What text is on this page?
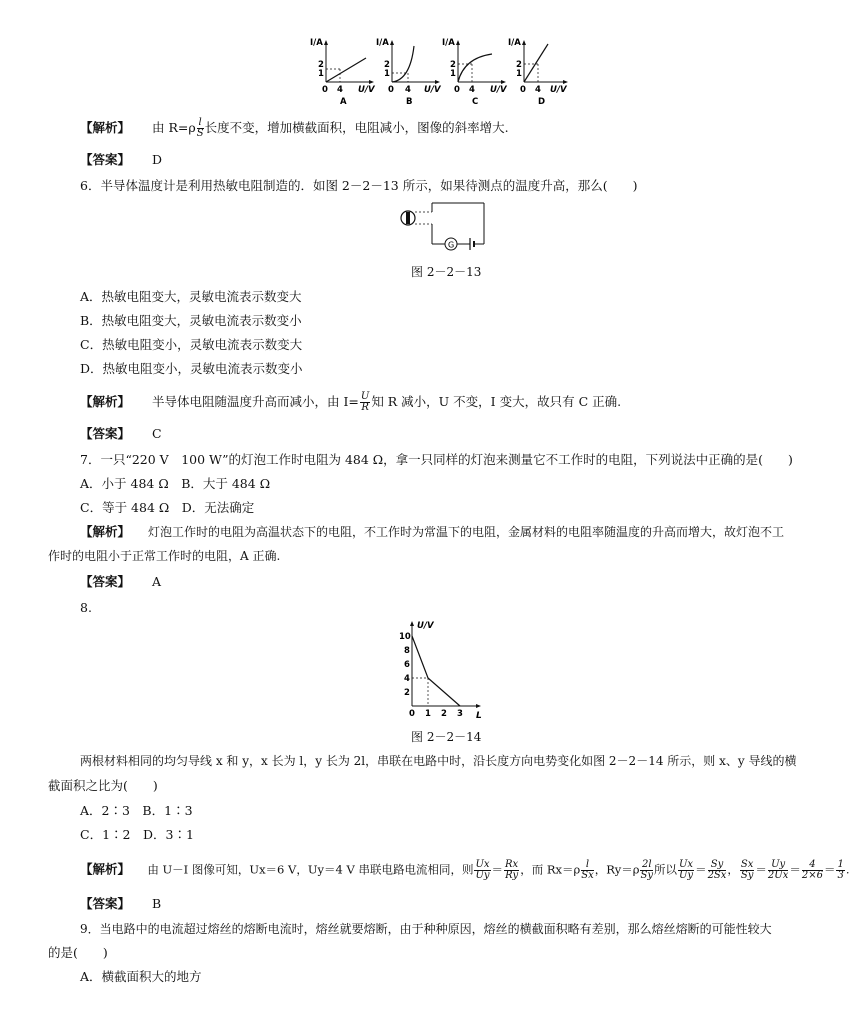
I/A
2
1
0 4 U/V
A
I/A
2
1
0 4 U/V
B
I/A
2
1
0 4 U/V
C
I/A
2
1
0 4 U/V
D
【解析】 由 $R=\rho \frac{l}{S}$ 长度不变，增加横截面积，电阻减小，图像的斜率增大.
【答案】 D
6．半导体温度计是利用热敏电阻制造的．如图 2－2－13 所示，如果待测点的温度升高，那么(　　)
G
图 2－2－13
A．热敏电阻变大，灵敏电流表示数变大
B．热敏电阻变大，灵敏电流表示数变小
C．热敏电阻变小，灵敏电流表示数变大
D．热敏电阻变小，灵敏电流表示数变小
【解析】 半导体电阻随温度升高而减小，由 $I= \frac{U}{R}$ 知 R 减小，U 不变，I 变大，故只有 C 正确.
【答案】 C
7．一只“220 V　100 W”的灯泡工作时电阻为 484 Ω，拿一只同样的灯泡来测量它不工作时的电阻，下列说法中正确的是(　　)
A．小于 484 Ω　B．大于 484 Ω
C．等于 484 Ω　D．无法确定
【解析】 灯泡工作时的电阻为高温状态下的电阻，不工作时为常温下的电阻，金属材料的电阻率随温度的升高而增大，故灯泡不工
作时的电阻小于正常工作时的电阻，A 正确.
【答案】 A
8.
U/V
10
8
6
4
2
0 1 2 3 L
图 2－2－14
两根材料相同的均匀导线 x 和 y，x 长为 l，y 长为 2l，串联在电路中时，沿长度方向电势变化如图 2－2－14 所示，则 x、y 导线的横
截面积之比为(　　)
A．2∶3　B．1∶3
C．1∶2　D．3∶1
【解析】 由 U－I 图像可知，Ux＝6 V，Uy＝4 V 串联电路电流相同，则 $\frac{Ux}{Uy} = \frac{Rx}{Ry}$ ，而 $Rx=\rho \frac{l}{Sx}$ ，$Ry=\rho \frac{2l}{Sy}$ 所以 $\frac{Ux}{Uy} = \frac{Sy}{2Sx}$ ， $\frac{Sx}{Sy} = \frac{Uy}{2Ux} = \frac{4}{2\times 6} = \frac{1}{3}$ .
【答案】 B
9．当电路中的电流超过熔丝的熔断电流时，熔丝就要熔断，由于种种原因，熔丝的横截面积略有差别，那么熔丝熔断的可能性较大
的是(　　)
A．横截面积大的地方
